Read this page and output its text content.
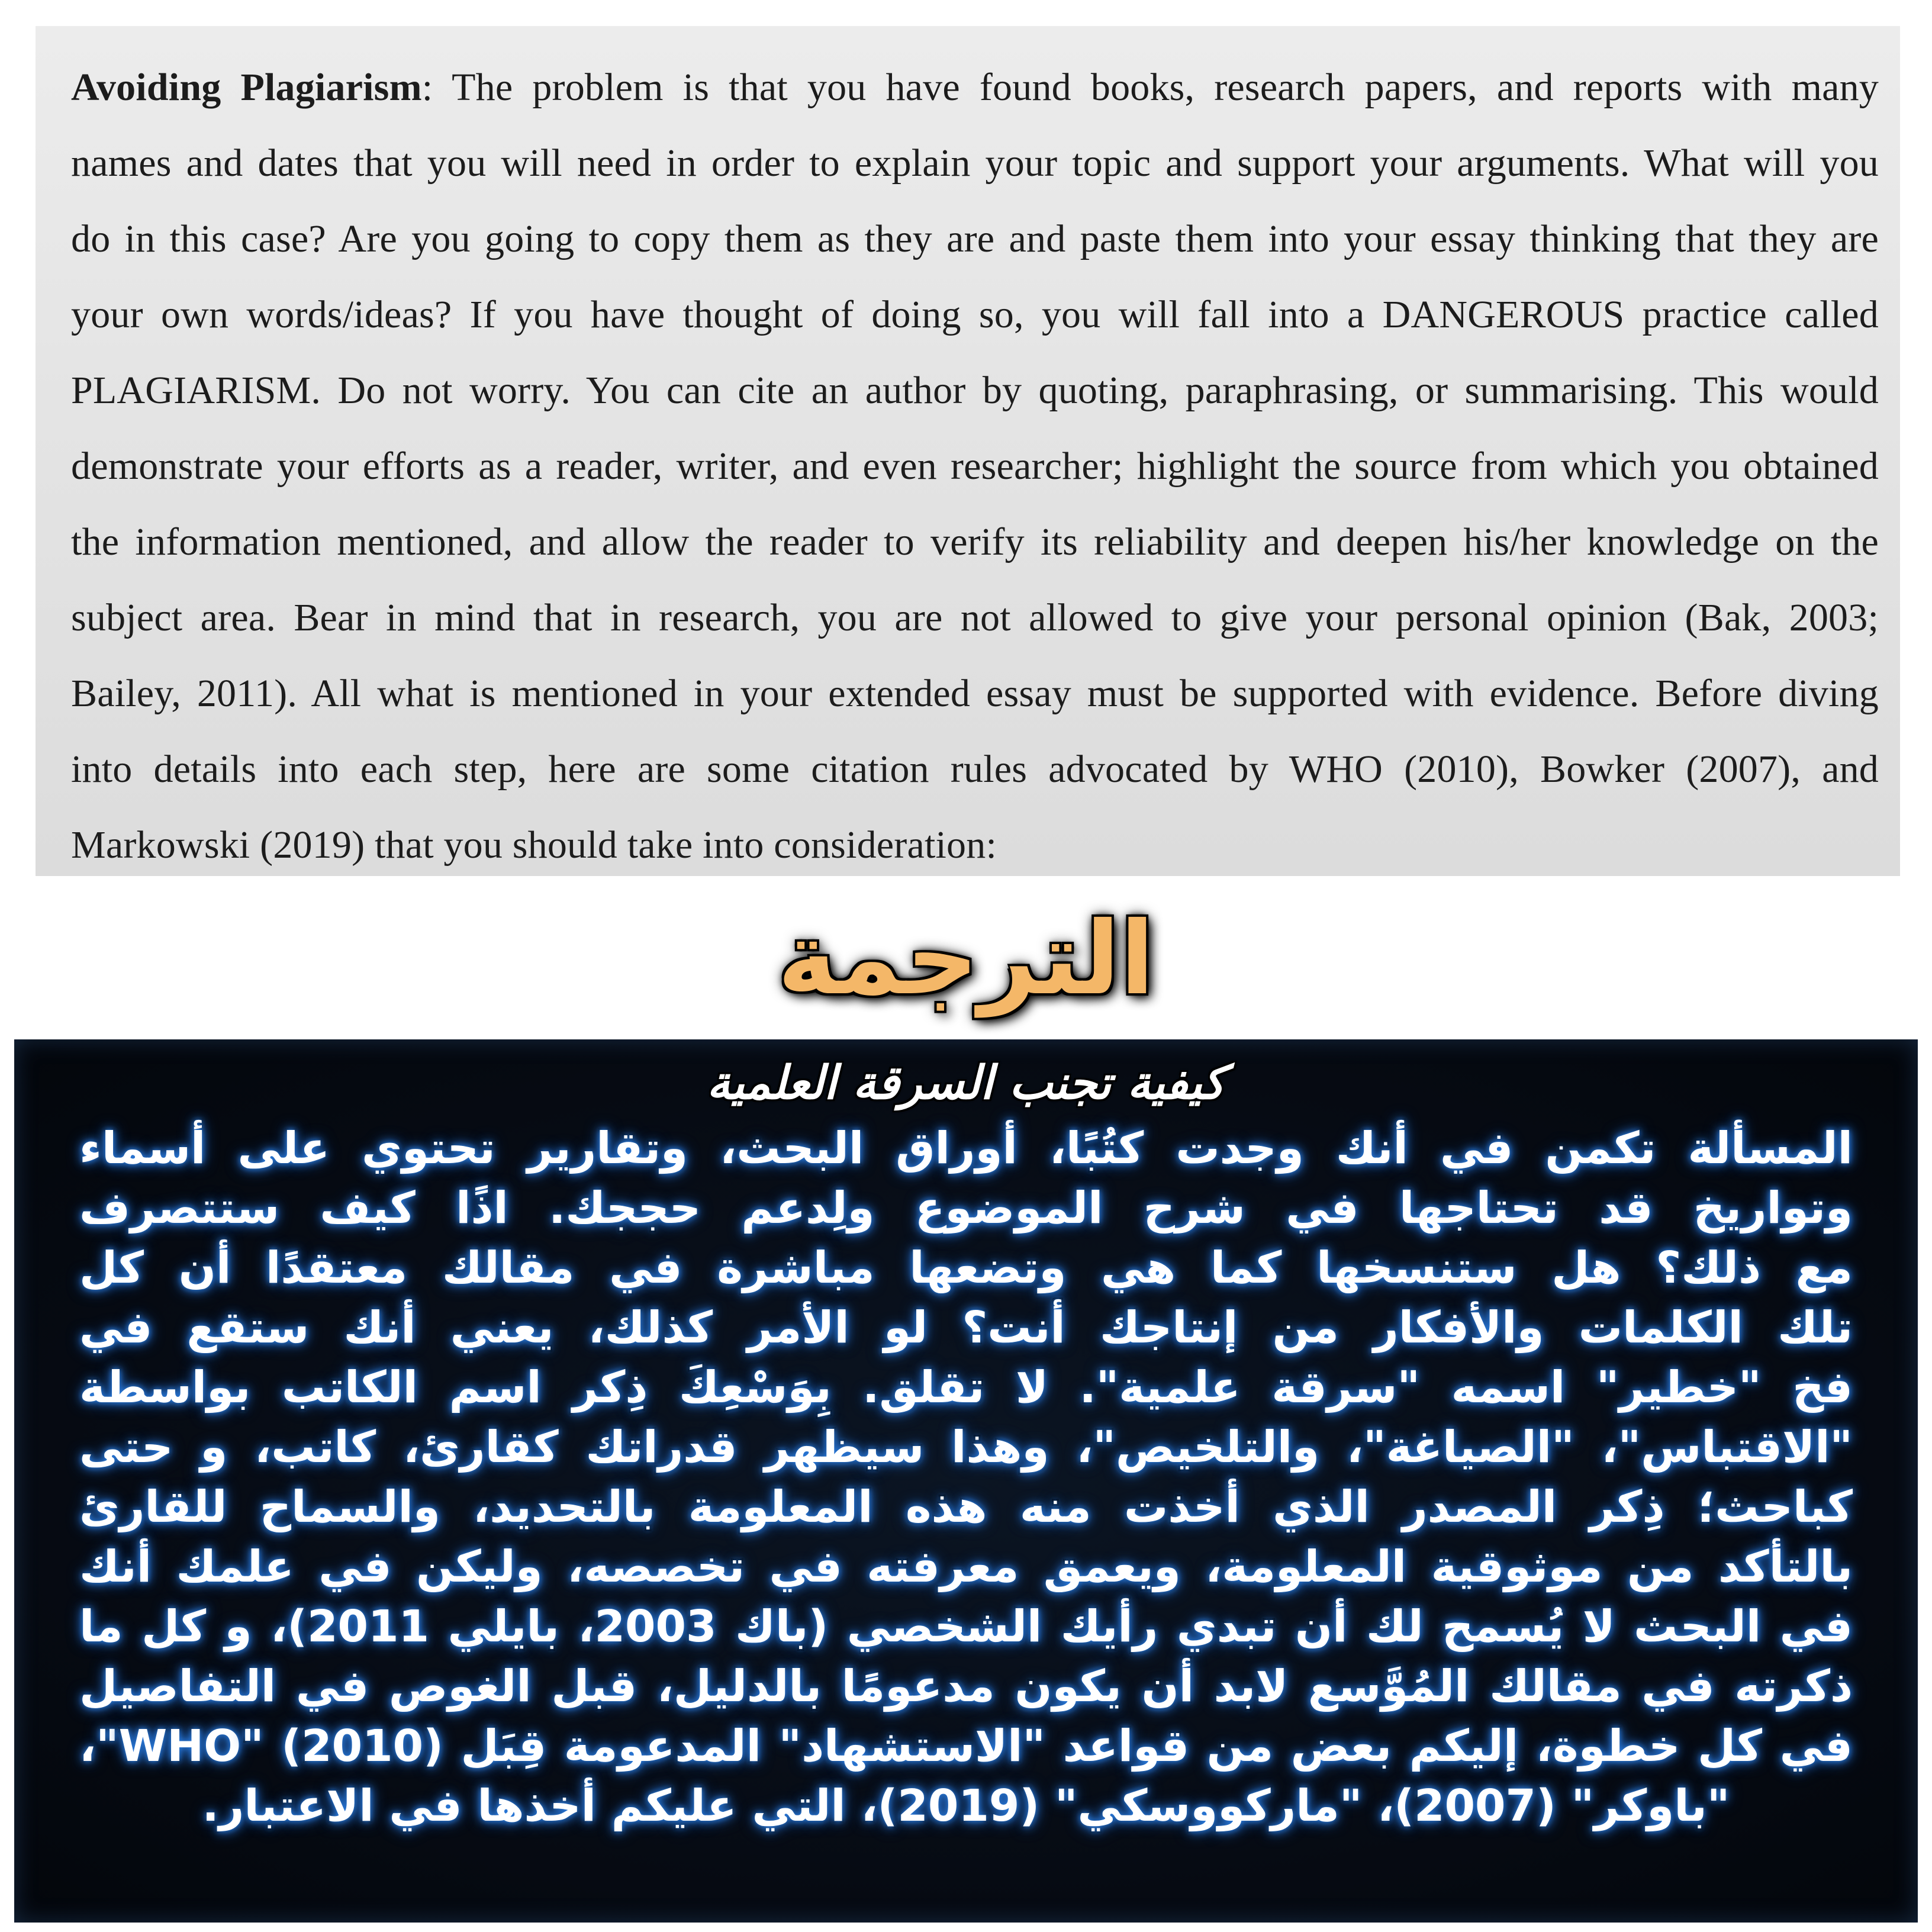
Avoiding Plagiarism: The problem is that you have found books, research papers, and reports with many
names and dates that you will need in order to explain your topic and support your arguments. What will you
do in this case? Are you going to copy them as they are and paste them into your essay thinking that they are
your own words/ideas? If you have thought of doing so, you will fall into a DANGEROUS practice called
PLAGIARISM. Do not worry. You can cite an author by quoting, paraphrasing, or summarising. This would
demonstrate your efforts as a reader, writer, and even researcher; highlight the source from which you obtained
the information mentioned, and allow the reader to verify its reliability and deepen his/her knowledge on the
subject area. Bear in mind that in research, you are not allowed to give your personal opinion (Bak, 2003;
Bailey, 2011). All what is mentioned in your extended essay must be supported with evidence. Before diving
into details into each step, here are some citation rules advocated by WHO (2010), Bowker (2007), and
Markowski (2019) that you should take into consideration:
الترجمة
كيفية تجنب السرقة العلمية
المسألة تكمن في أنك وجدت كتُبًا، أوراق البحث، وتقارير تحتوي على أسماء
وتواريخ قد تحتاجها في شرح الموضوع ولِدعم حججك. اذًا كيف ستتصرف
مع ذلك؟ هل ستنسخها كما هي وتضعها مباشرة في مقالك معتقدًا أن كل
تلك الكلمات والأفكار من إنتاجك أنت؟ لو الأمر كذلك، يعني أنك ستقع في
فخ "خطير" اسمه "سرقة علمية". لا تقلق. بِوَسْعِكَ ذِكر اسم الكاتب بواسطة
"الاقتباس"، "الصياغة"، والتلخيص"، وهذا سيظهر قدراتك كقارئ، كاتب، و حتى
كباحث؛ ذِكر المصدر الذي أخذت منه هذه المعلومة بالتحديد، والسماح للقارئ
بالتأكد من موثوقية المعلومة، ويعمق معرفته في تخصصه، وليكن في علمك أنك
في البحث لا يُسمح لك أن تبدي رأيك الشخصي (باك 2003، بايلي 2011)، و كل ما
ذكرته في مقالك المُوَّسع لابد أن يكون مدعومًا بالدليل، قبل الغوص في التفاصيل
في كل خطوة، إليكم بعض من قواعد "الاستشهاد" المدعومة قِبَل (2010) "WHO"،
"باوكر" (2007)، "ماركووسكي" (2019)، التي عليكم أخذها في الاعتبار.
